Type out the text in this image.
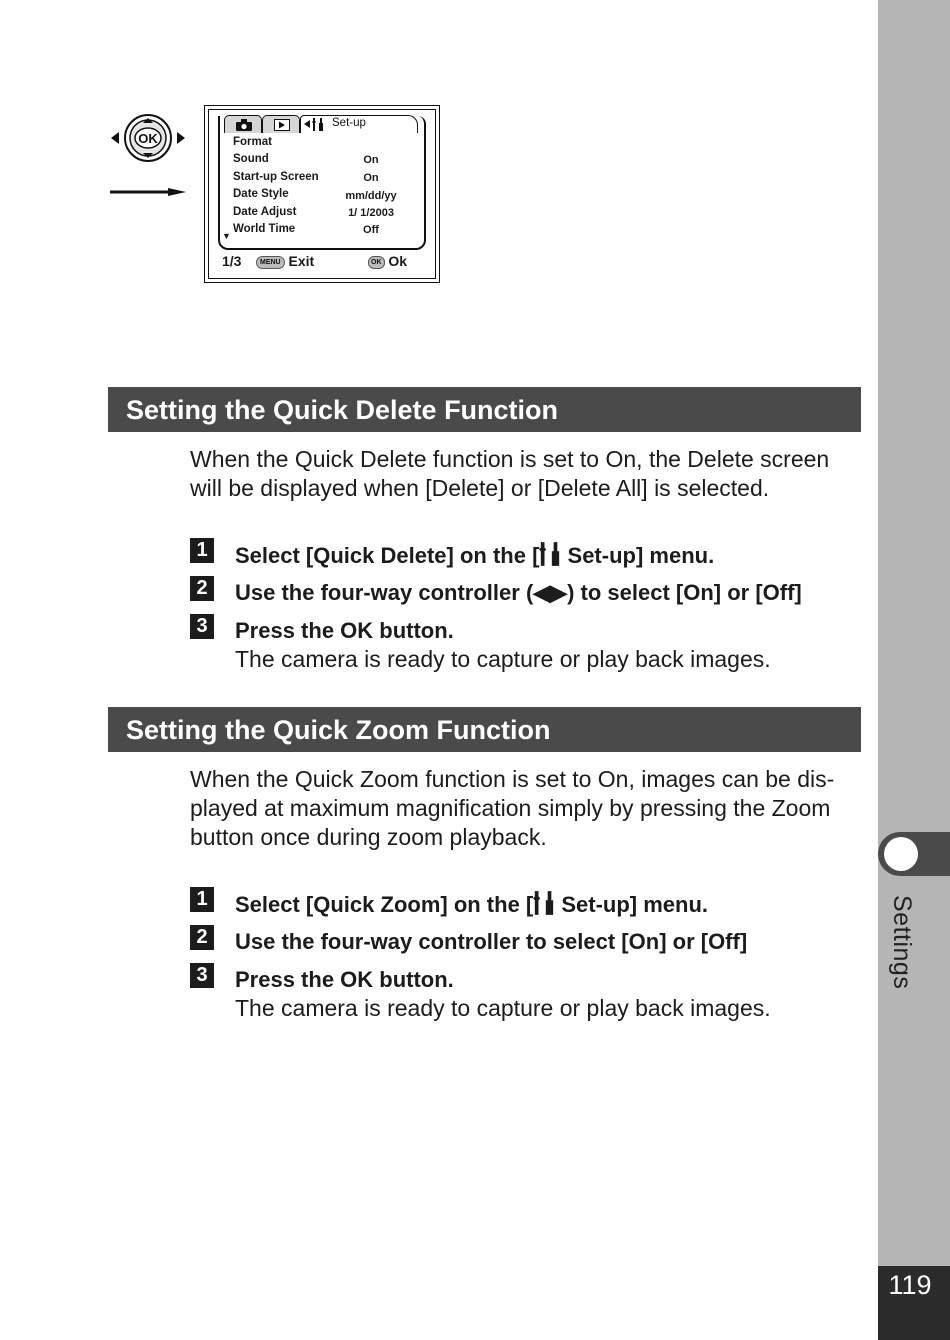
Settings
119
OK
Set-up
Format
Sound	On
Start-up Screen	On
Date Style	mm/dd/yy
Date Adjust	1/ 1/2003
▼
World Time	Off
1/3	MENU Exit	OK Ok
Setting the Quick Delete Function

When the Quick Delete function is set to On, the Delete screen will be displayed when [Delete] or [Delete All] is selected.

1 Select [Quick Delete] on the [ Set-up] menu.
2 Use the four-way controller (◀▶) to select [On] or [Off]
3 Press the OK button.
The camera is ready to capture or play back images.
Setting the Quick Zoom Function
When the Quick Zoom function is set to On, images can be dis-
played at maximum magnification simply by pressing the Zoom
button once during zoom playback.
1 Select [Quick Zoom] on the [ Set-up] menu.
2 Use the four-way controller to select [On] or [Off]
3 Press the OK button.
The camera is ready to capture or play back images.
